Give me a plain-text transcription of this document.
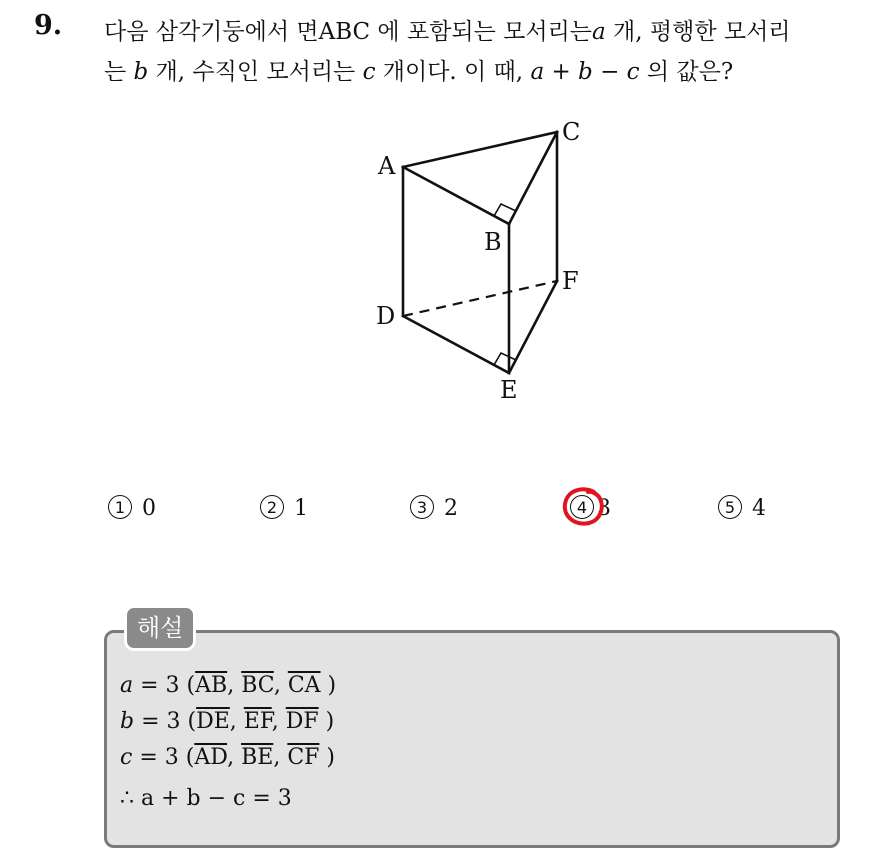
9. 다음 삼각기둥에서 면ABC 에 포함되는 모서리는a 개, 평행한 모서리
는 b 개, 수직인 모서리는 c 개이다. 이 때, a + b − c 의 값은?
A
B
C
D
E
F
1 0	2 1	3 2	4 3	5 4
해설
a = 3 ($\overline{AB}$, $\overline{BC}$, $\overline{CA}$ )
b = 3 ($\overline{DE}$, $\overline{EF}$, $\overline{DF}$ )
c = 3 ($\overline{AD}$, $\overline{BE}$, $\overline{CF}$ )
∴ a + b − c = 3
